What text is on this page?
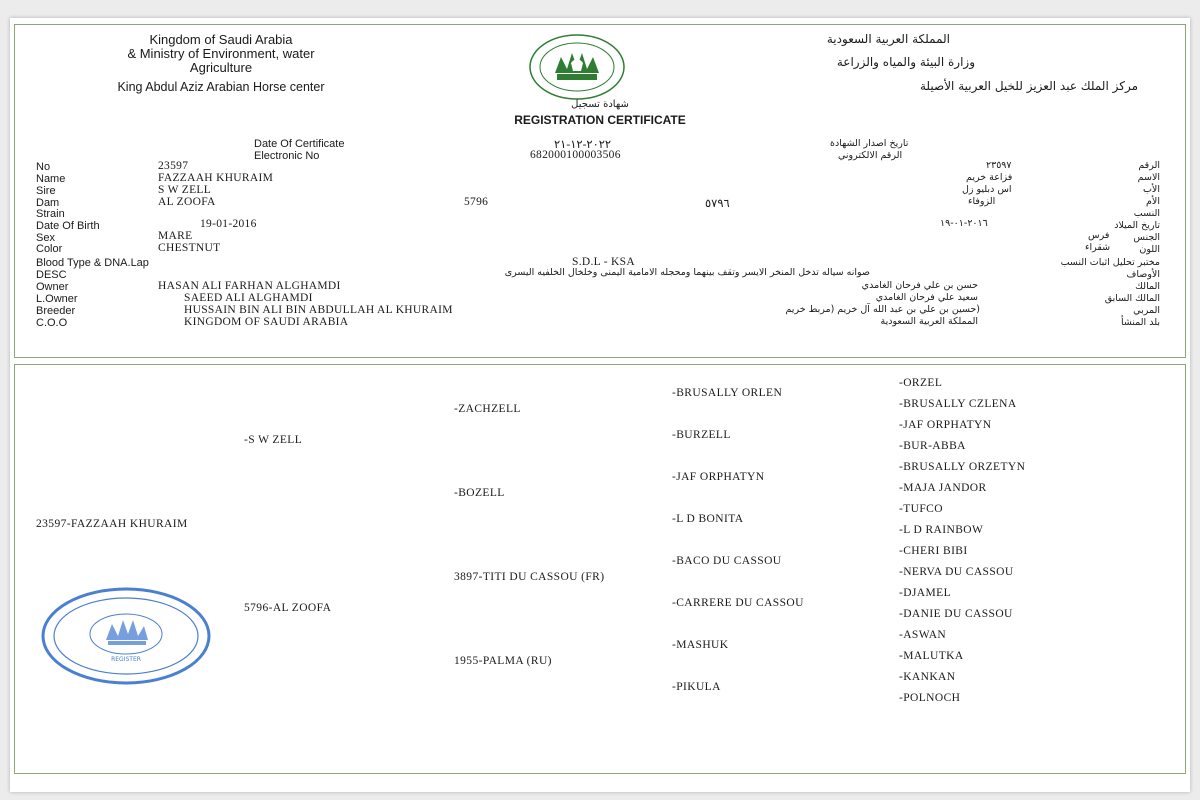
Kingdom of Saudi Arabia
& Ministry of Environment, water
Agriculture
King Abdul Aziz Arabian Horse center
المملكة العربية السعودية
وزارة البيئة والمياه والزراعة
مركز الملك عبد العزيز للخيل العربية الأصيلة
شهادة تسجيل
REGISTRATION CERTIFICATE
Date Of Certificate	٢٠٢٢-١٢-٢١	تاريخ اصدار الشهادة
Electronic No	682000100003506	الرقم الالكتروني
No	23597	٢٣٥٩٧	الرقم
Name	FAZZAAH KHURAIM	فزاعة خريم	الاسم
Sire	S W ZELL	اس دبليو زل	الأب
Dam	AL ZOOFA	5796	٥٧٩٦	الزوفاء	الأم
Strain	النسب
Date Of Birth	19-01-2016	٢٠١٦-٠١-١٩	تاريخ الميلاد
Sex	MARE	فرس	الجنس
Color	CHESTNUT	شقراء	اللون
Blood Type & DNA.Lap	S.D.L - KSA	مختبر تحليل اثبات النسب
DESC	صوانه سياله تدخل المنخر الايسر وتقف بينهما ومحجله الامامية اليمنى وخلخال الخلفيه اليسرى	الأوصاف
Owner	HASAN ALI FARHAN ALGHAMDI	حسن بن علي فرحان الغامدي	المالك
L.Owner	SAEED ALI ALGHAMDI	سعيد علي فرحان الغامدي	المالك السابق
Breeder	HUSSAIN BIN ALI BIN ABDULLAH AL KHURAIM	(حسين بن علي بن عبد الله آل خريم (مربط خريم	المربي
C.O.O	KINGDOM OF SAUDI ARABIA	المملكة العربية السعودية	بلد المنشأ
23597-FAZZAAH KHURAIM
-S W ZELL
5796-AL ZOOFA
-ZACHZELL
-BOZELL
3897-TITI DU CASSOU (FR)
1955-PALMA (RU)
-BRUSALLY ORLEN
-BURZELL
-JAF ORPHATYN
-L D BONITA
-BACO DU CASSOU
-CARRERE DU CASSOU
-MASHUK
-PIKULA
-ORZEL
-BRUSALLY CZLENA
-JAF ORPHATYN
-BUR-ABBA
-BRUSALLY ORZETYN
-MAJA JANDOR
-TUFCO
-L D RAINBOW
-CHERI BIBI
-NERVA DU CASSOU
-DJAMEL
-DANIE DU CASSOU
-ASWAN
-MALUTKA
-KANKAN
-POLNOCH
REGISTER
